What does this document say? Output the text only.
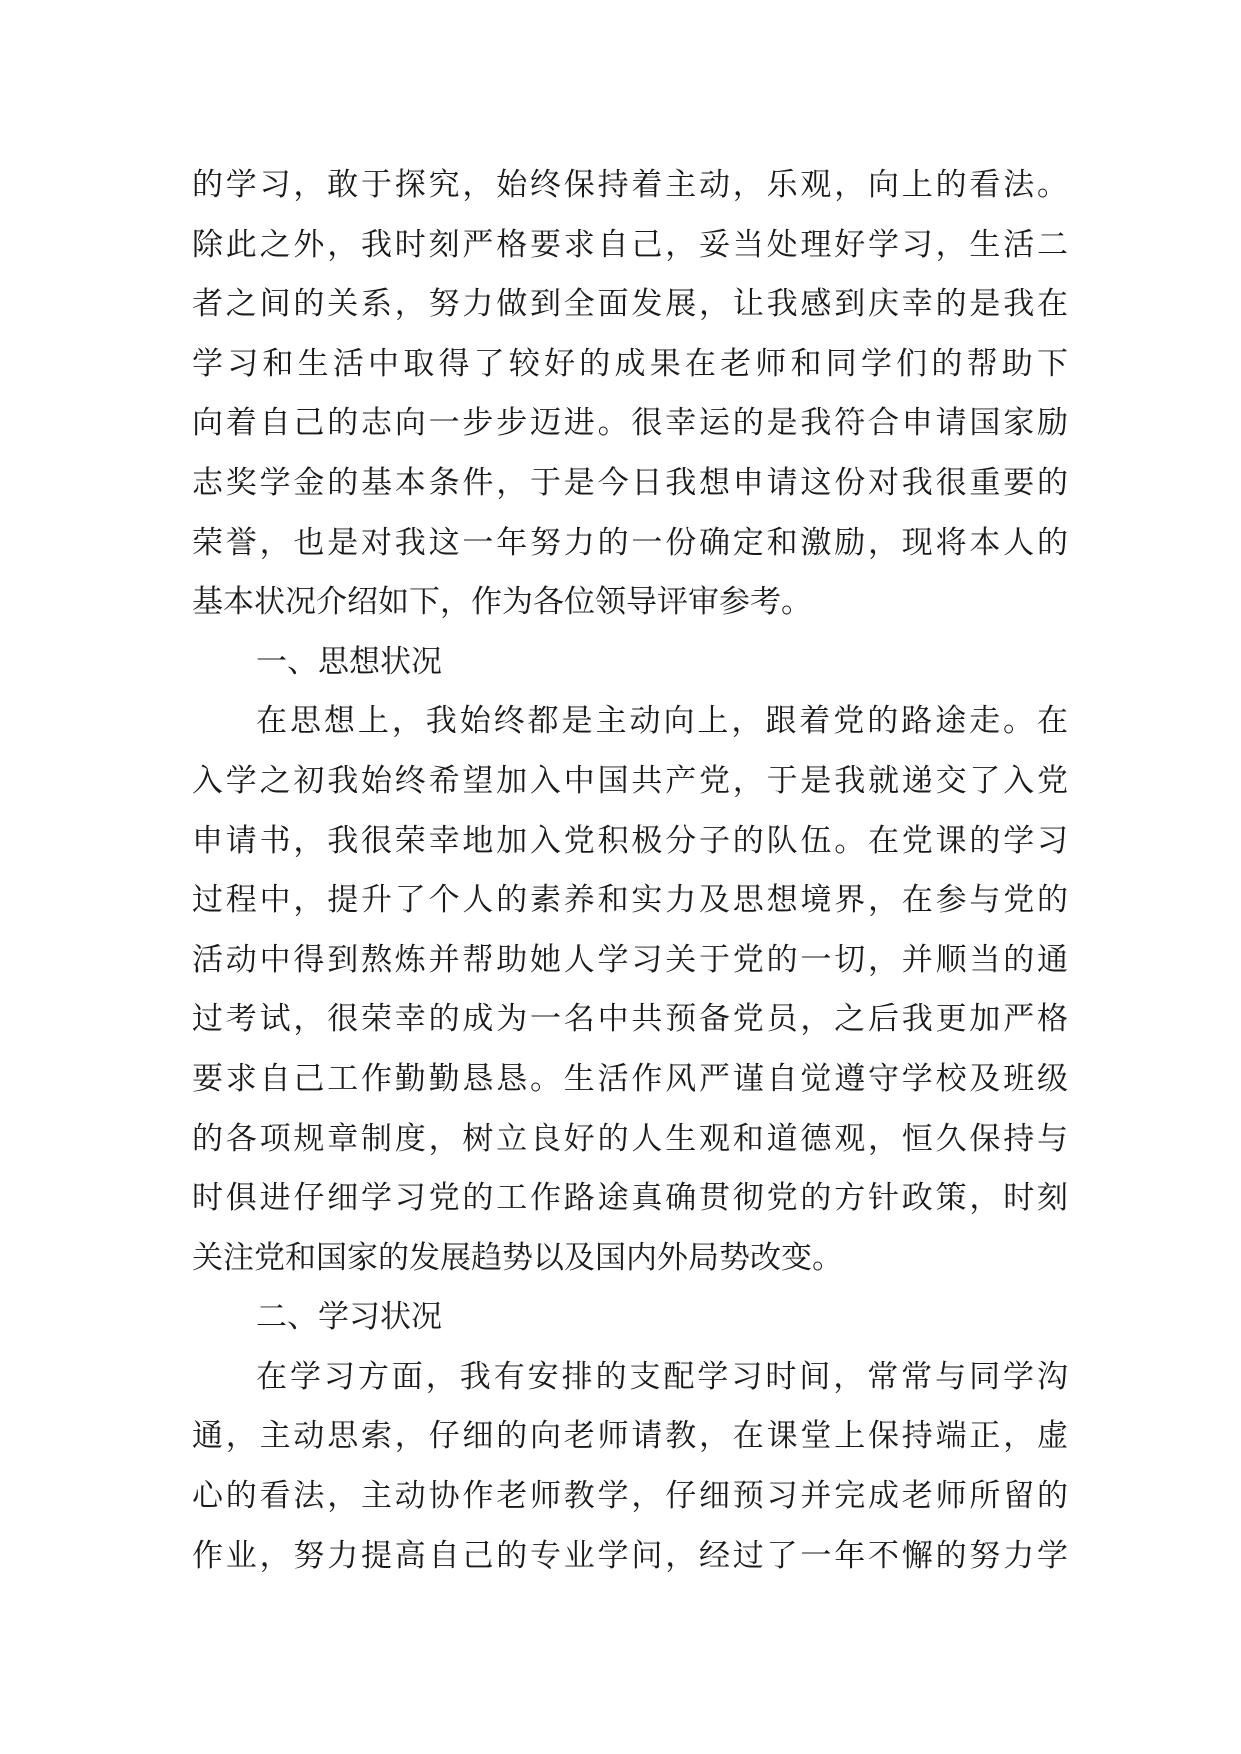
的学习，敢于探究，始终保持着主动，乐观，向上的看法。
除此之外，我时刻严格要求自己，妥当处理好学习，生活二
者之间的关系，努力做到全面发展，让我感到庆幸的是我在
学习和生活中取得了较好的成果在老师和同学们的帮助下
向着自己的志向一步步迈进。很幸运的是我符合申请国家励
志奖学金的基本条件，于是今日我想申请这份对我很重要的
荣誉，也是对我这一年努力的一份确定和激励，现将本人的
基本状况介绍如下，作为各位领导评审参考。
一、思想状况
在思想上，我始终都是主动向上，跟着党的路途走。在
入学之初我始终希望加入中国共产党，于是我就递交了入党
申请书，我很荣幸地加入党积极分子的队伍。在党课的学习
过程中，提升了个人的素养和实力及思想境界，在参与党的
活动中得到熬炼并帮助她人学习关于党的一切，并顺当的通
过考试，很荣幸的成为一名中共预备党员，之后我更加严格
要求自己工作勤勤恳恳。生活作风严谨自觉遵守学校及班级
的各项规章制度，树立良好的人生观和道德观，恒久保持与
时俱进仔细学习党的工作路途真确贯彻党的方针政策，时刻
关注党和国家的发展趋势以及国内外局势改变。
二、学习状况
在学习方面，我有安排的支配学习时间，常常与同学沟
通，主动思索，仔细的向老师请教，在课堂上保持端正，虚
心的看法，主动协作老师教学，仔细预习并完成老师所留的
作业，努力提高自己的专业学问，经过了一年不懈的努力学
